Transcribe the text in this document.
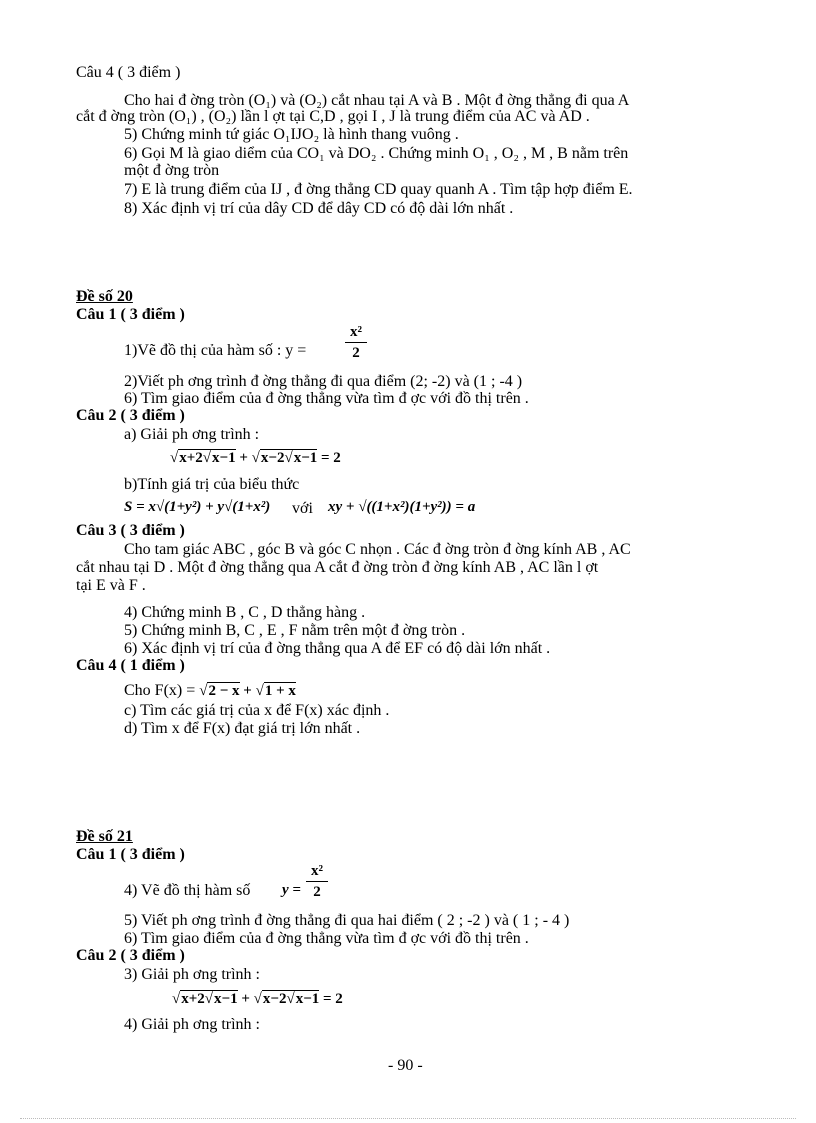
Câu 4 ( 3 điểm )
Cho hai đ ờng tròn (O₁) và (O₂) cắt nhau tại A và B . Một đ ờng thẳng đi qua A
cắt đ ờng tròn (O₁) , (O₂) lần l ợt tại C,D , gọi I , J là trung điểm của AC và AD .
5) Chứng minh tứ giác O₁IJO₂ là hình thang vuông .
6) Gọi M là giao diểm của CO₁ và DO₂ . Chứng minh O₁ , O₂ , M , B nằm trên
một đ ờng tròn
7) E là trung điểm của IJ , đ ờng thẳng CD quay quanh A . Tìm tập hợp điểm E.
8) Xác định vị trí của dây CD để dây CD có độ dài lớn nhất .
Đề số 20
Câu 1 ( 3 điểm )
1)Vẽ đồ thị của hàm số : y =
x²
2
2)Viết ph ơng trình đ ờng thẳng đi qua điểm (2; -2) và (1 ; -4 )
6) Tìm giao điểm của đ ờng thẳng vừa tìm đ ợc với đồ thị trên .
Câu 2 ( 3 điểm )
a) Giải ph ơng trình :
√x+2√x−1 + √x−2√x−1 = 2
b)Tính giá trị của biểu thức
S = x√(1+y²) + y√(1+x²) với xy + √((1+x²)(1+y²)) = a
Câu 3 ( 3 điểm )
Cho tam giác ABC , góc B và góc C nhọn . Các đ ờng tròn đ ờng kính AB , AC
cắt nhau tại D . Một đ ờng thẳng qua A cắt đ ờng tròn đ ờng kính AB , AC lần l ợt
tại E và F .
4) Chứng minh B , C , D thẳng hàng .
5) Chứng minh B, C , E , F nằm trên một đ ờng tròn .
6) Xác định vị trí của đ ờng thẳng qua A để EF có độ dài lớn nhất .
Câu 4 ( 1 điểm )
Cho F(x) = √2 − x + √1 + x
c) Tìm các giá trị của x để F(x) xác định .
d) Tìm x để F(x) đạt giá trị lớn nhất .
Đề số 21
Câu 1 ( 3 điểm )
4) Vẽ đồ thị hàm số y =
x²
2
5) Viết ph ơng trình đ ờng thẳng đi qua hai điểm ( 2 ; -2 ) và ( 1 ; - 4 )
6) Tìm giao điểm của đ ờng thẳng vừa tìm đ ợc với đồ thị trên .
Câu 2 ( 3 điểm )
3) Giải ph ơng trình :
√x+2√x−1 + √x−2√x−1 = 2
4) Giải ph ơng trình :
- 90 -
